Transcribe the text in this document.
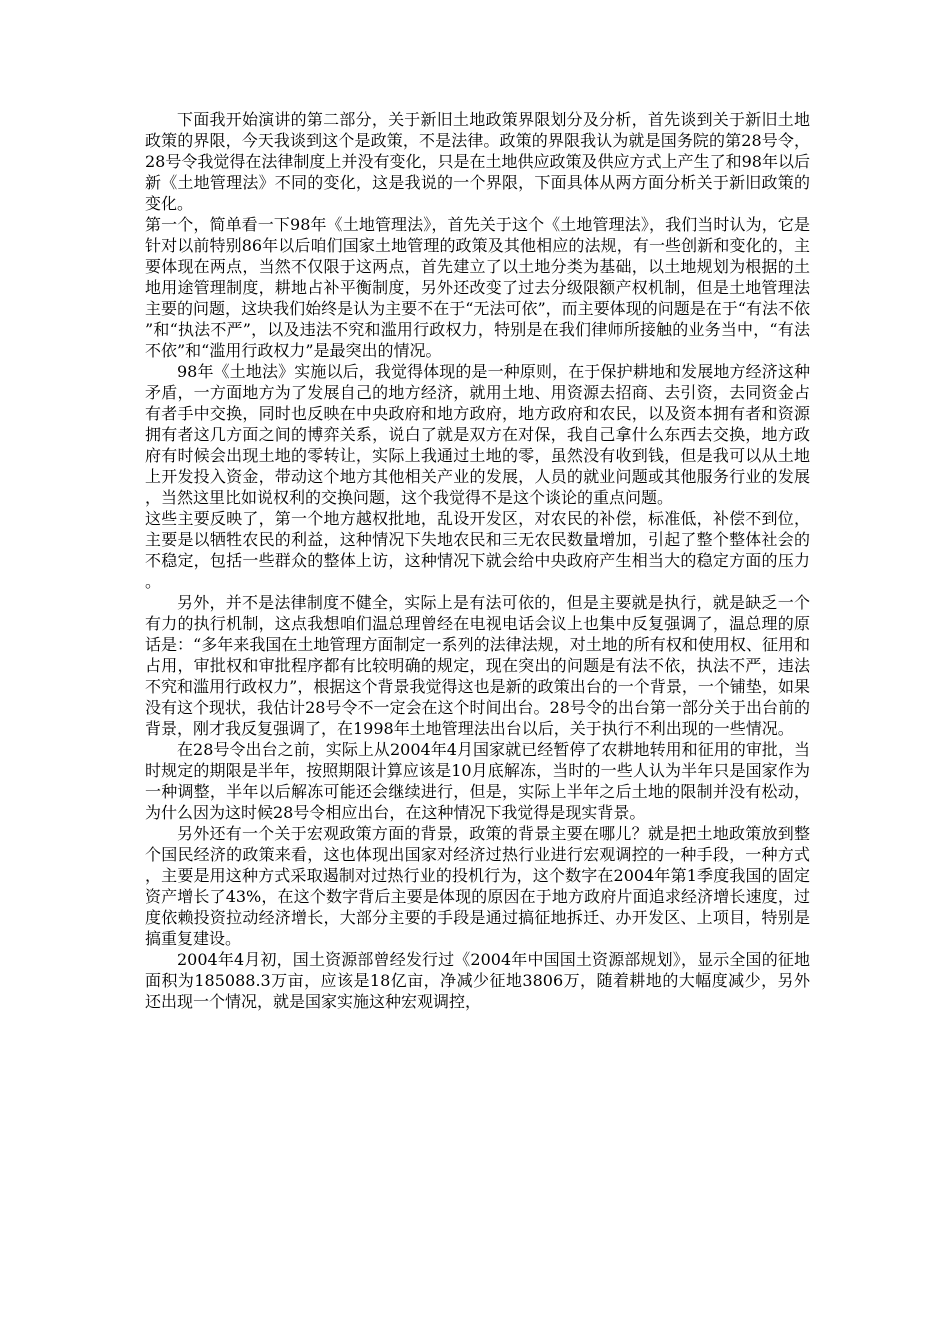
下面我开始演讲的第二部分，关于新旧土地政策界限划分及分析，首先谈到关于新旧土地政策的界限，今天我谈到这个是政策，不是法律。政策的界限我认为就是国务院的第28号令，28号令我觉得在法律制度上并没有变化，只是在土地供应政策及供应方式上产生了和98年以后新《土地管理法》不同的变化，这是我说的一个界限，下面具体从两方面分析关于新旧政策的变化。

第一个，简单看一下98年《土地管理法》，首先关于这个《土地管理法》，我们当时认为，它是针对以前特别86年以后咱们国家土地管理的政策及其他相应的法规，有一些创新和变化的，主要体现在两点，当然不仅限于这两点，首先建立了以土地分类为基础，以土地规划为根据的土地用途管理制度，耕地占补平衡制度，另外还改变了过去分级限额产权机制，但是土地管理法主要的问题，这块我们始终是认为主要不在于“无法可依”，而主要体现的问题是在于“有法不依”和“执法不严”，以及违法不究和滥用行政权力，特别是在我们律师所接触的业务当中，“有法不依”和“滥用行政权力”是最突出的情况。

98年《土地法》实施以后，我觉得体现的是一种原则，在于保护耕地和发展地方经济这种矛盾，一方面地方为了发展自己的地方经济，就用土地、用资源去招商、去引资，去同资金占有者手中交换，同时也反映在中央政府和地方政府，地方政府和农民，以及资本拥有者和资源拥有者这几方面之间的博弈关系，说白了就是双方在对保，我自己拿什么东西去交换，地方政府有时候会出现土地的零转让，实际上我通过土地的零，虽然没有收到钱，但是我可以从土地上开发投入资金，带动这个地方其他相关产业的发展，人员的就业问题或其他服务行业的发展，当然这里比如说权利的交换问题，这个我觉得不是这个谈论的重点问题。

这些主要反映了，第一个地方越权批地，乱设开发区，对农民的补偿，标准低，补偿不到位，主要是以牺牲农民的利益，这种情况下失地农民和三无农民数量增加，引起了整个整体社会的不稳定，包括一些群众的整体上访，这种情况下就会给中央政府产生相当大的稳定方面的压力。

另外，并不是法律制度不健全，实际上是有法可依的，但是主要就是执行，就是缺乏一个有力的执行机制，这点我想咱们温总理曾经在电视电话会议上也集中反复强调了，温总理的原话是：“多年来我国在土地管理方面制定一系列的法律法规，对土地的所有权和使用权、征用和占用，审批权和审批程序都有比较明确的规定，现在突出的问题是有法不依，执法不严，违法不究和滥用行政权力”，根据这个背景我觉得这也是新的政策出台的一个背景，一个铺垫，如果没有这个现状，我估计28号令不一定会在这个时间出台。28号令的出台第一部分关于出台前的背景，刚才我反复强调了，在1998年土地管理法出台以后，关于执行不利出现的一些情况。

在28号令出台之前，实际上从2004年4月国家就已经暂停了农耕地转用和征用的审批，当时规定的期限是半年，按照期限计算应该是10月底解冻，当时的一些人认为半年只是国家作为一种调整，半年以后解冻可能还会继续进行，但是，实际上半年之后土地的限制并没有松动，为什么因为这时候28号令相应出台，在这种情况下我觉得是现实背景。

另外还有一个关于宏观政策方面的背景，政策的背景主要在哪儿？就是把土地政策放到整个国民经济的政策来看，这也体现出国家对经济过热行业进行宏观调控的一种手段，一种方式，主要是用这种方式采取遏制对过热行业的投机行为，这个数字在2004年第1季度我国的固定资产增长了43%，在这个数字背后主要是体现的原因在于地方政府片面追求经济增长速度，过度依赖投资拉动经济增长，大部分主要的手段是通过搞征地拆迁、办开发区、上项目，特别是搞重复建设。

2004年4月初，国土资源部曾经发行过《2004年中国国土资源部规划》，显示全国的征地面积为185088.3万亩，应该是18亿亩，净减少征地3806万，随着耕地的大幅度减少，另外还出现一个情况，就是国家实施这种宏观调控，
